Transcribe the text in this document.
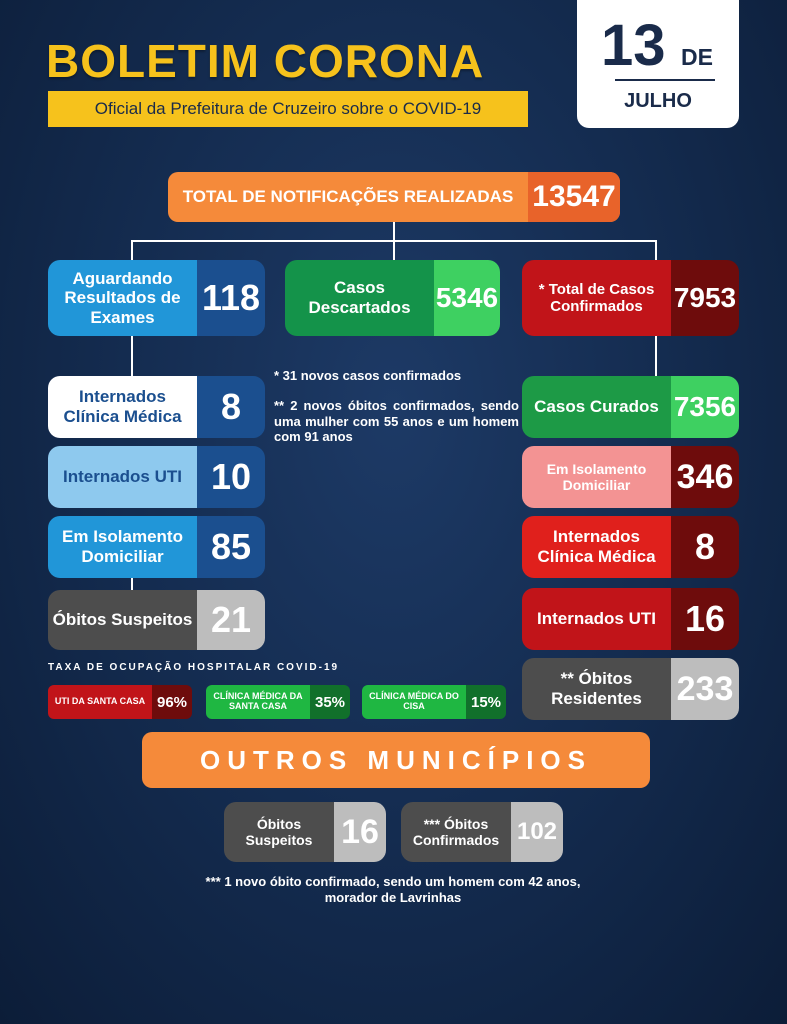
BOLETIM CORONA
Oficial da Prefeitura de Cruzeiro sobre o COVID-19
13 DE
JULHO
TOTAL DE NOTIFICAÇÕES REALIZADAS 13547
Aguardando Resultados de Exames	118
Internados Clínica Médica	8
Internados UTI 10
Em Isolamento Domiciliar	85
Óbitos Suspeitos 21
Casos Descartados 5346
* 31 novos casos confirmados
** 2 novos óbitos confirmados, sendo uma mulher com 55 anos e um homem com 91 anos
* Total de Casos Confirmados	7953
Casos Curados 7356
Em Isolamento Domiciliar	346
Internados Clínica Médica	8
Internados UTI 16
** Óbitos Residentes	233
TAXA DE OCUPAÇÃO HOSPITALAR COVID-19
UTI DA SANTA CASA 96%	CLÍNICA MÉDICA DA SANTA CASA	35%	CLÍNICA MÉDICA DO CISA	15%
OUTROS MUNICÍPIOS
Óbitos Suspeitos 16	*** Óbitos Confirmados 102
*** 1 novo óbito confirmado, sendo um homem com 42 anos, morador de Lavrinhas
